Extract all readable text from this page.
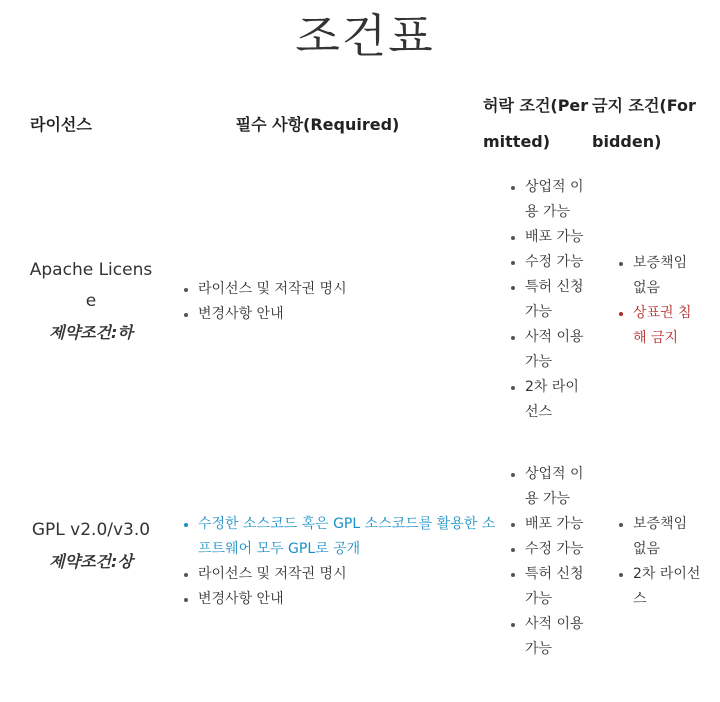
조건표
라이선스	필수 사항(Required)
허락 조건(Permitted)
금지 조건(Forbidden)
Apache License
제약조건:하
라이선스 및 저작권 명시
변경사항 안내
상업적 이용 가능
배포 가능
수정 가능
특허 신청 가능
사적 이용 가능
2차 라이선스
보증책임 없음
상표권 침해 금지
GPL v2.0/v3.0
제약조건:상
수정한 소스코드 혹은 GPL 소스코드를 활용한 소프트웨어 모두 GPL로 공개
라이선스 및 저작권 명시
변경사항 안내
상업적 이용 가능
배포 가능
수정 가능
특허 신청 가능
사적 이용 가능
보증책임 없음
2차 라이선스
